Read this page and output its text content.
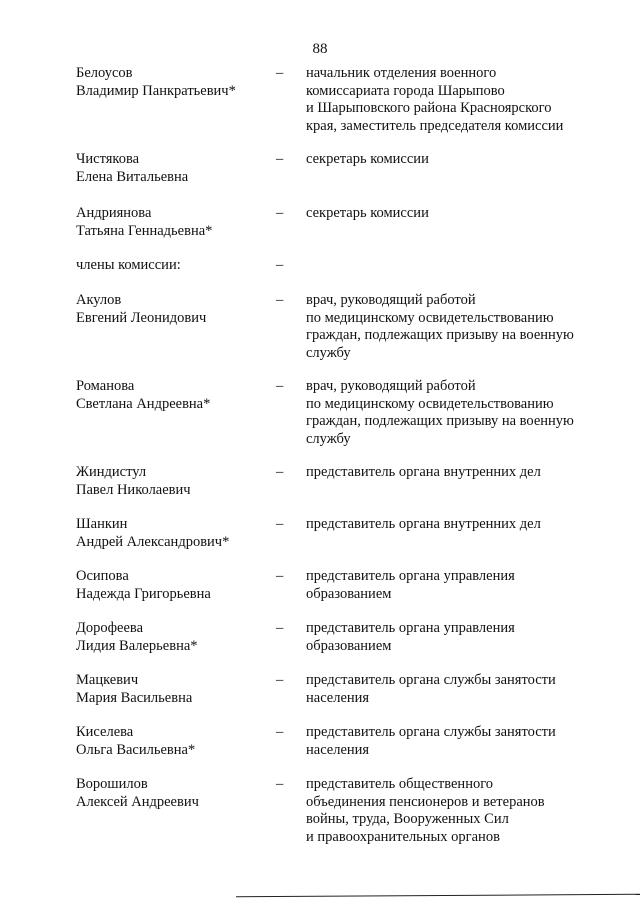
88
Белоусов
Владимир Панкратьевич*
– начальник отделения военного
комиссариата города Шарыпово
и Шарыповского района Красноярского
края, заместитель председателя комиссии
Чистякова
Елена Витальевна
– секретарь комиссии
Андриянова
Татьяна Геннадьевна*
– секретарь комиссии
члены комиссии:	–
Акулов
Евгений Леонидович
– врач, руководящий работой
по медицинскому освидетельствованию
граждан, подлежащих призыву на военную
службу
Романова
Светлана Андреевна*
– врач, руководящий работой
по медицинскому освидетельствованию
граждан, подлежащих призыву на военную
службу
Жиндистул
Павел Николаевич
– представитель органа внутренних дел
Шанкин
Андрей Александрович*
– представитель органа внутренних дел
Осипова
Надежда Григорьевна
– представитель органа управления
образованием
Дорофеева
Лидия Валерьевна*
– представитель органа управления
образованием
Мацкевич
Мария Васильевна
– представитель органа службы занятости
населения
Киселева
Ольга Васильевна*
– представитель органа службы занятости
населения
Ворошилов
Алексей Андреевич
– представитель общественного
объединения пенсионеров и ветеранов
войны, труда, Вооруженных Сил
и правоохранительных органов
